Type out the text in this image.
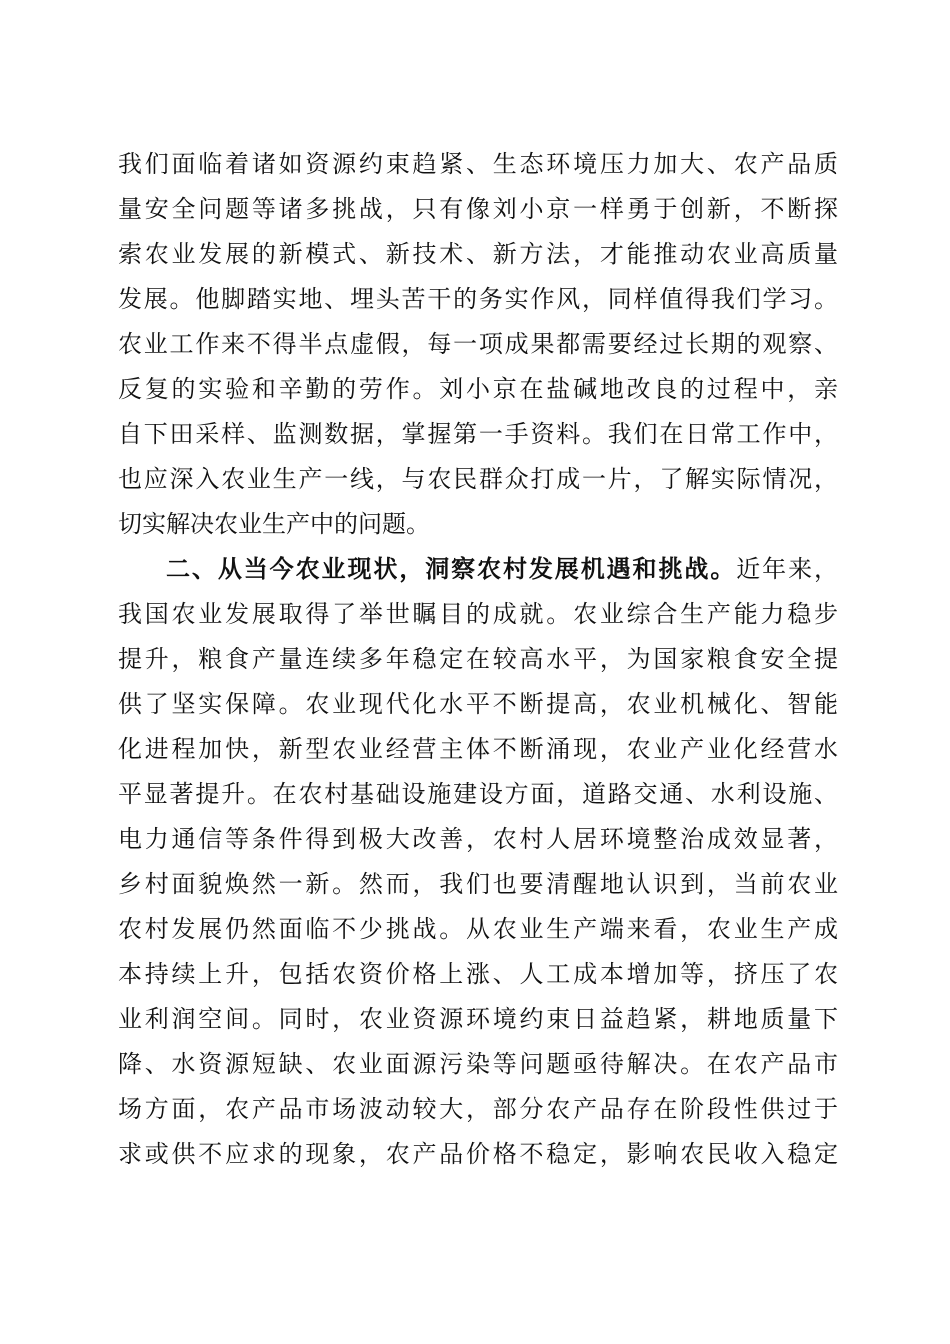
我们面临着诸如资源约束趋紧、生态环境压力加大、农产品质
量安全问题等诸多挑战，只有像刘小京一样勇于创新，不断探
索农业发展的新模式、新技术、新方法，才能推动农业高质量
发展。他脚踏实地、埋头苦干的务实作风，同样值得我们学习。
农业工作来不得半点虚假，每一项成果都需要经过长期的观察、
反复的实验和辛勤的劳作。刘小京在盐碱地改良的过程中，亲
自下田采样、监测数据，掌握第一手资料。我们在日常工作中，
也应深入农业生产一线，与农民群众打成一片，了解实际情况，
切实解决农业生产中的问题。
二、从当今农业现状，洞察农村发展机遇和挑战。近年来，
我国农业发展取得了举世瞩目的成就。农业综合生产能力稳步
提升，粮食产量连续多年稳定在较高水平，为国家粮食安全提
供了坚实保障。农业现代化水平不断提高，农业机械化、智能
化进程加快，新型农业经营主体不断涌现，农业产业化经营水
平显著提升。在农村基础设施建设方面，道路交通、水利设施、
电力通信等条件得到极大改善，农村人居环境整治成效显著，
乡村面貌焕然一新。然而，我们也要清醒地认识到，当前农业
农村发展仍然面临不少挑战。从农业生产端来看，农业生产成
本持续上升，包括农资价格上涨、人工成本增加等，挤压了农
业利润空间。同时，农业资源环境约束日益趋紧，耕地质量下
降、水资源短缺、农业面源污染等问题亟待解决。在农产品市
场方面，农产品市场波动较大，部分农产品存在阶段性供过于
求或供不应求的现象，农产品价格不稳定，影响农民收入稳定
